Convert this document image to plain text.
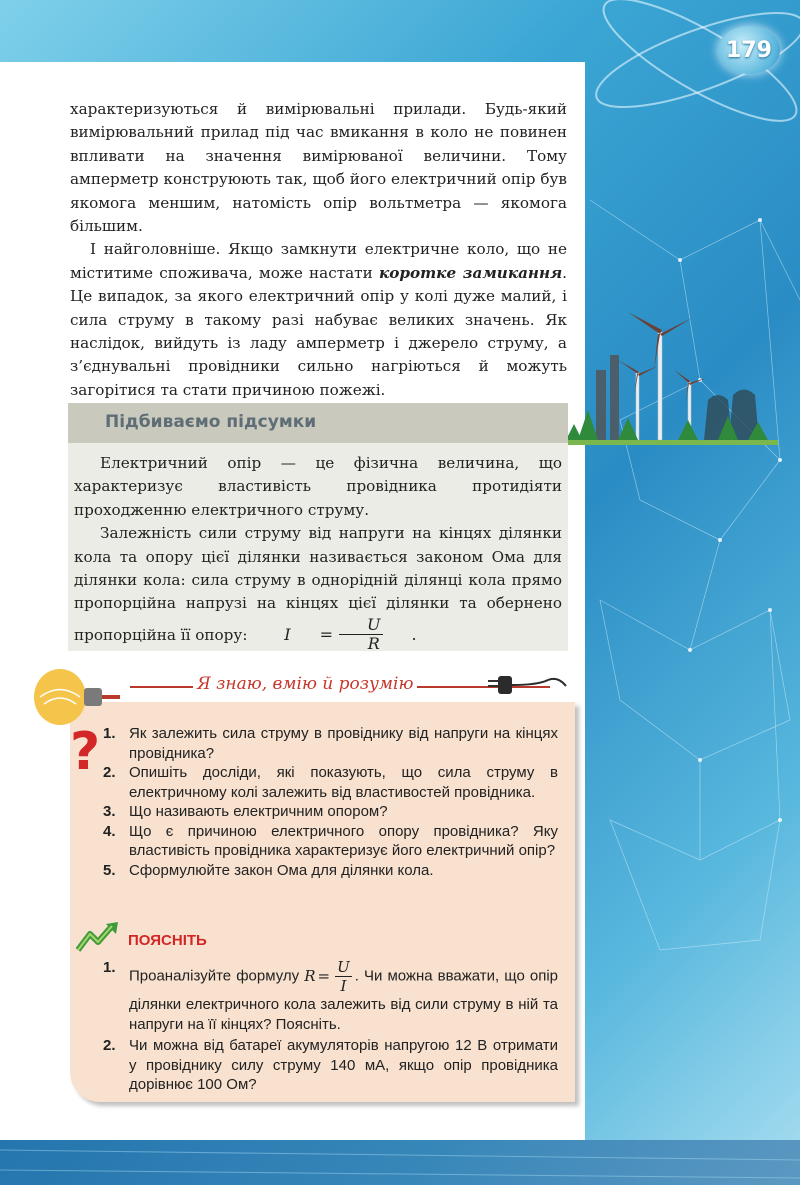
179

характеризуються й вимірювальні прилади. Будь-який вимірювальний прилад під час вмикання в коло не повинен впливати на значення вимірюваної величини. Тому амперметр конструюють так, щоб його електричний опір був якомога меншим, натомість опір вольтметра — якомога більшим.

І найголовніше. Якщо замкнути електричне коло, що не міститиме споживача, може настати коротке замикання. Це випадок, за якого електричний опір у колі дуже малий, і сила струму в такому разі набуває великих значень. Як наслідок, вийдуть із ладу амперметр і джерело струму, а з’єднувальні провідники сильно нагріються й можуть загорітися та стати причиною пожежі.

Підбиваємо підсумки

Електричний опір — це фізична величина, що характеризує властивість провідника протидіяти проходженню електричного струму.

Залежність сили струму від напруги на кінцях ділянки кола та опору цієї ділянки називається законом Ома для ділянки кола: сила струму в однорідній ділянці кола прямо пропорційна напрузі на кінцях цієї ділянки та обернено пропорційна її опору:	I	= $\frac{U}{R}$	.

Я знаю, вмію й розумію
? 1. Як залежить сила струму в провіднику від напруги на кінцях провідника?
2. Опишіть досліди, які показують, що сила струму в електричному колі залежить від властивостей провідника.
3. Що називають електричним опором?
4. Що є причиною електричного опору провідника? Яку властивість провідника характеризує його електричний опір?
5. Сформулюйте закон Ома для ділянки кола.
ПОЯСНІТЬ
1. Проаналізуйте формулу $R = \frac{U}{I}$ . Чи можна вважати, що опір ділянки електричного кола залежить від сили струму в ній та напруги на її кінцях? Поясніть.
2. Чи можна від батареї акумуляторів напругою 12 В отримати у провіднику силу струму 140 мА, якщо опір провідника дорівнює 100 Ом?
